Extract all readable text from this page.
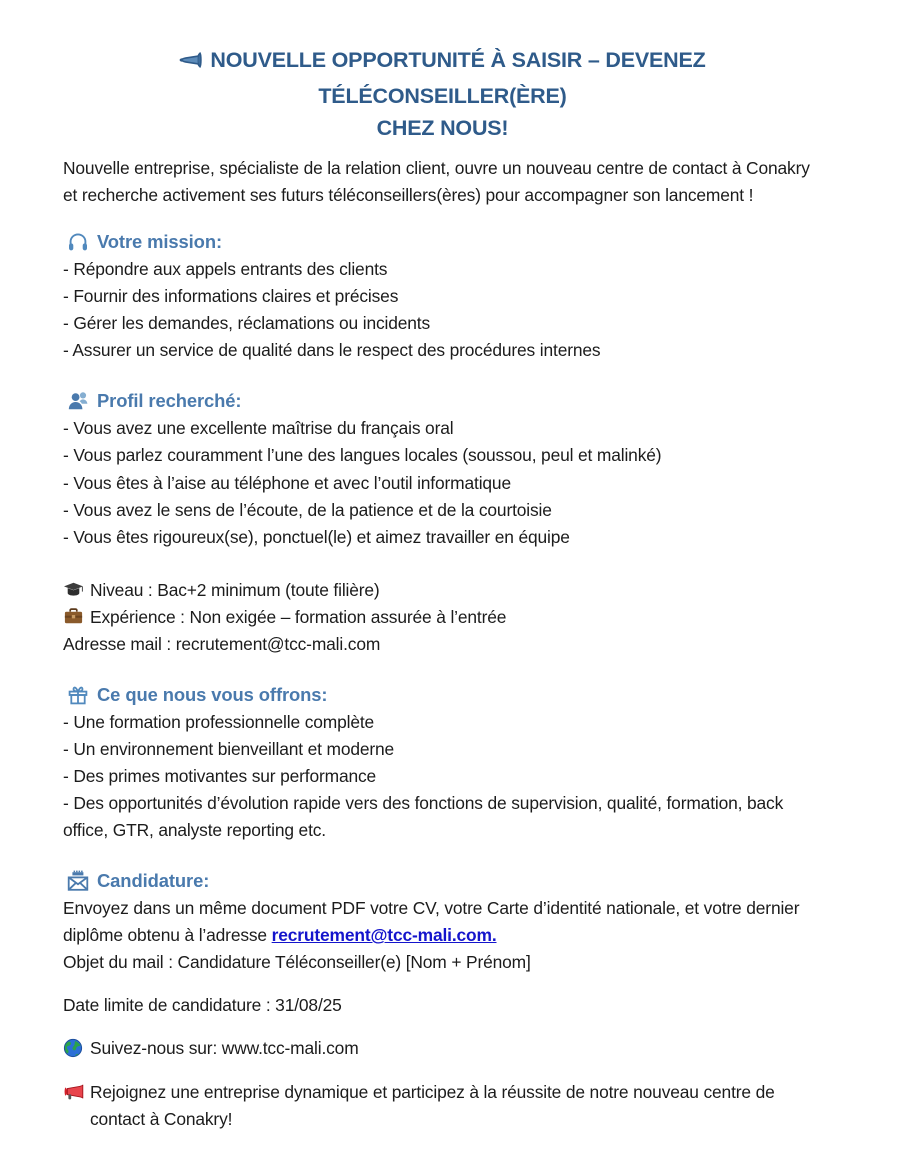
NOUVELLE OPPORTUNITÉ À SAISIR – DEVENEZ TÉLÉCONSEILLER(ÈRE)
CHEZ NOUS!

Nouvelle entreprise, spécialiste de la relation client, ouvre un nouveau centre de contact à Conakry et recherche activement ses futurs téléconseillers(ères) pour accompagner son lancement !

Votre mission:
- Répondre aux appels entrants des clients
- Fournir des informations claires et précises
- Gérer les demandes, réclamations ou incidents
- Assurer un service de qualité dans le respect des procédures internes
Profil recherché:
- Vous avez une excellente maîtrise du français oral
- Vous parlez couramment l’une des langues locales (soussou, peul et malinké)
- Vous êtes à l’aise au téléphone et avec l’outil informatique
- Vous avez le sens de l’écoute, de la patience et de la courtoisie
- Vous êtes rigoureux(se), ponctuel(le) et aimez travailler en équipe
Niveau : Bac+2 minimum (toute filière)
Expérience : Non exigée – formation assurée à l’entrée
Adresse mail : recrutement@tcc-mali.com
Ce que nous vous offrons:
- Une formation professionnelle complète
- Un environnement bienveillant et moderne
- Des primes motivantes sur performance
- Des opportunités d’évolution rapide vers des fonctions de supervision, qualité, formation, back office, GTR, analyste reporting etc.
Candidature:

Envoyez dans un même document PDF votre CV, votre Carte d’identité nationale, et votre dernier diplôme obtenu à l’adresse recrutement@tcc-mali.com.

Objet du mail : Candidature Téléconseiller(e) [Nom + Prénom]
Date limite de candidature : 31/08/25
Suivez-nous sur: www.tcc-mali.com
Rejoignez une entreprise dynamique et participez à la réussite de notre nouveau centre de contact à Conakry!
